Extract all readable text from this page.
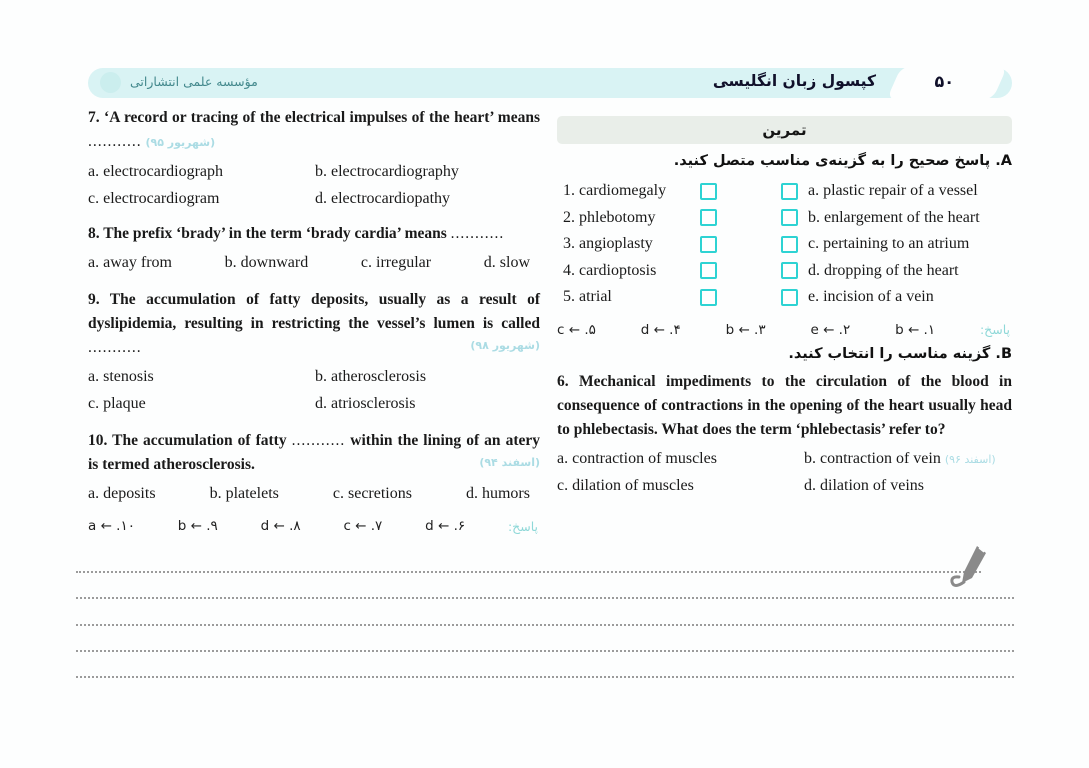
مؤسسه علمی انتشاراتی	کپسول زبان انگلیسی	۵۰

7. ‘A record or tracing of the electrical impulses of the heart’ means ........... (شهریور ۹۵)

a. electrocardiograph	b. electrocardiography
c. electrocardiogram	d. electrocardiopathy

8. The prefix ‘brady’ in the term ‘brady cardia’ means ...........

a. away from	b. downward	c. irregular	d. slow

9. The accumulation of fatty deposits, usually as a result of dyslipidemia, resulting in restricting the vessel’s lumen is called ...........	(شهریور ۹۸)

a. stenosis	b. atherosclerosis
c. plaque	d. atriosclerosis

10. The accumulation of fatty ........... within the lining of an atery is termed atherosclerosis.	(اسفند ۹۴)

a. deposits	b. platelets	c. secretions	d. humors
a ← .۱۰	b ← .۹	d ← .۸	c ← .۷	d ← .۶	پاسخ:
تمرین
A. پاسخ صحیح را به گزینه‌ی مناسب متصل کنید.
1. cardiomegaly	a. plastic repair of a vessel
2. phlebotomy	b. enlargement of the heart
3. angioplasty	c. pertaining to an atrium
4. cardioptosis	d. dropping of the heart
5. atrial	e. incision of a vein
c ← .۵	d ← .۴	b ← .۳	e ← .۲	b ← .۱	پاسخ:
B. گزینه مناسب را انتخاب کنید.

6. Mechanical impediments to the circulation of the blood in consequence of contractions in the opening of the heart usually head to phlebectasis. What does the term ‘phlebectasis’ refer to?

a. contraction of muscles	b. contraction of vein (اسفند ۹۶)
c. dilation of muscles	d. dilation of veins
